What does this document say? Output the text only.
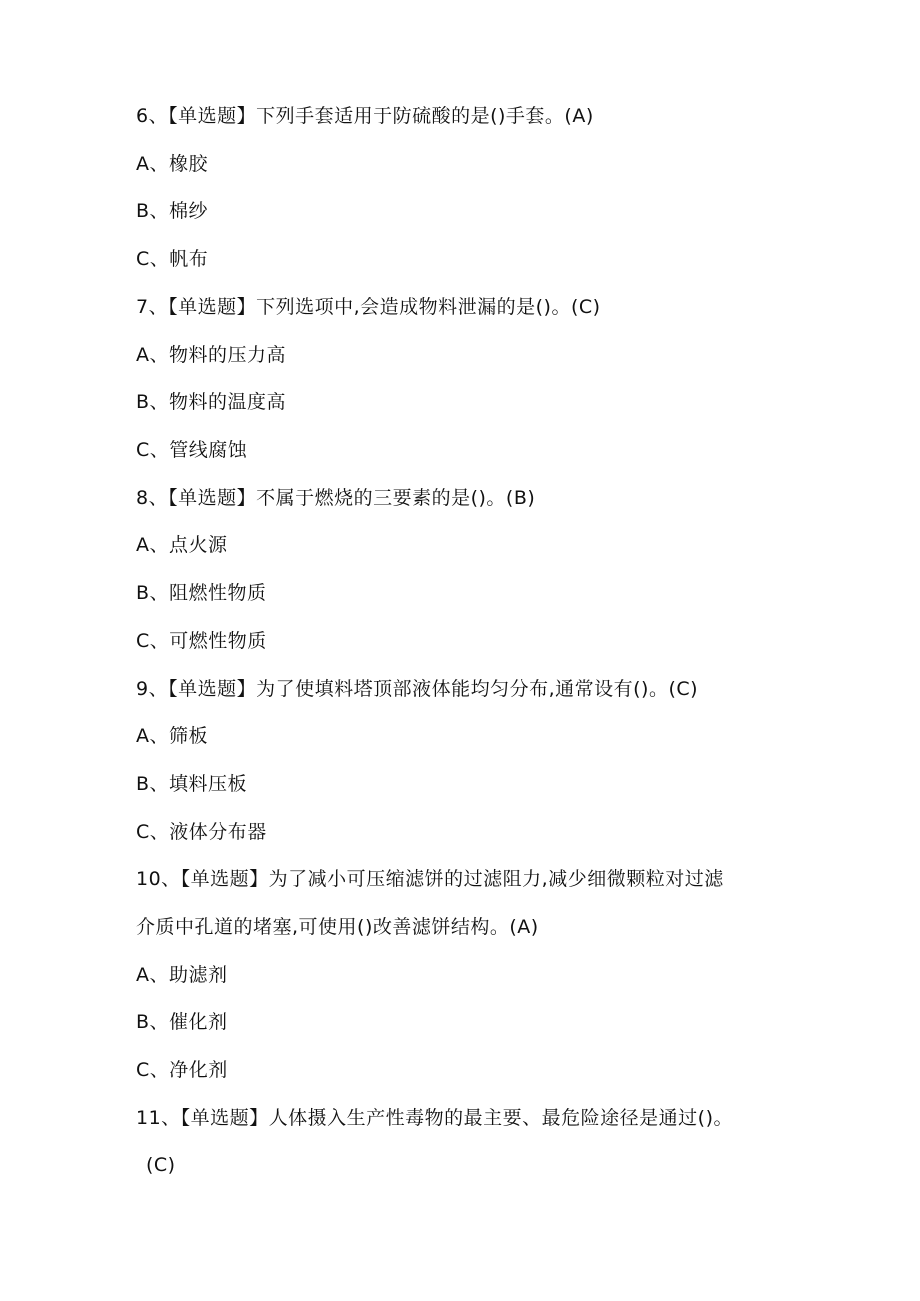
6、【单选题】下列手套适用于防硫酸的是()手套。(A)
A、橡胶
B、棉纱
C、帆布
7、【单选题】下列选项中,会造成物料泄漏的是()。(C)
A、物料的压力高
B、物料的温度高
C、管线腐蚀
8、【单选题】不属于燃烧的三要素的是()。(B)
A、点火源
B、阻燃性物质
C、可燃性物质
9、【单选题】为了使填料塔顶部液体能均匀分布,通常设有()。(C)
A、筛板
B、填料压板
C、液体分布器
10、【单选题】为了减小可压缩滤饼的过滤阻力,减少细微颗粒对过滤
介质中孔道的堵塞,可使用()改善滤饼结构。(A)
A、助滤剂
B、催化剂
C、净化剂
11、【单选题】人体摄入生产性毒物的最主要、最危险途径是通过()。
(C)
